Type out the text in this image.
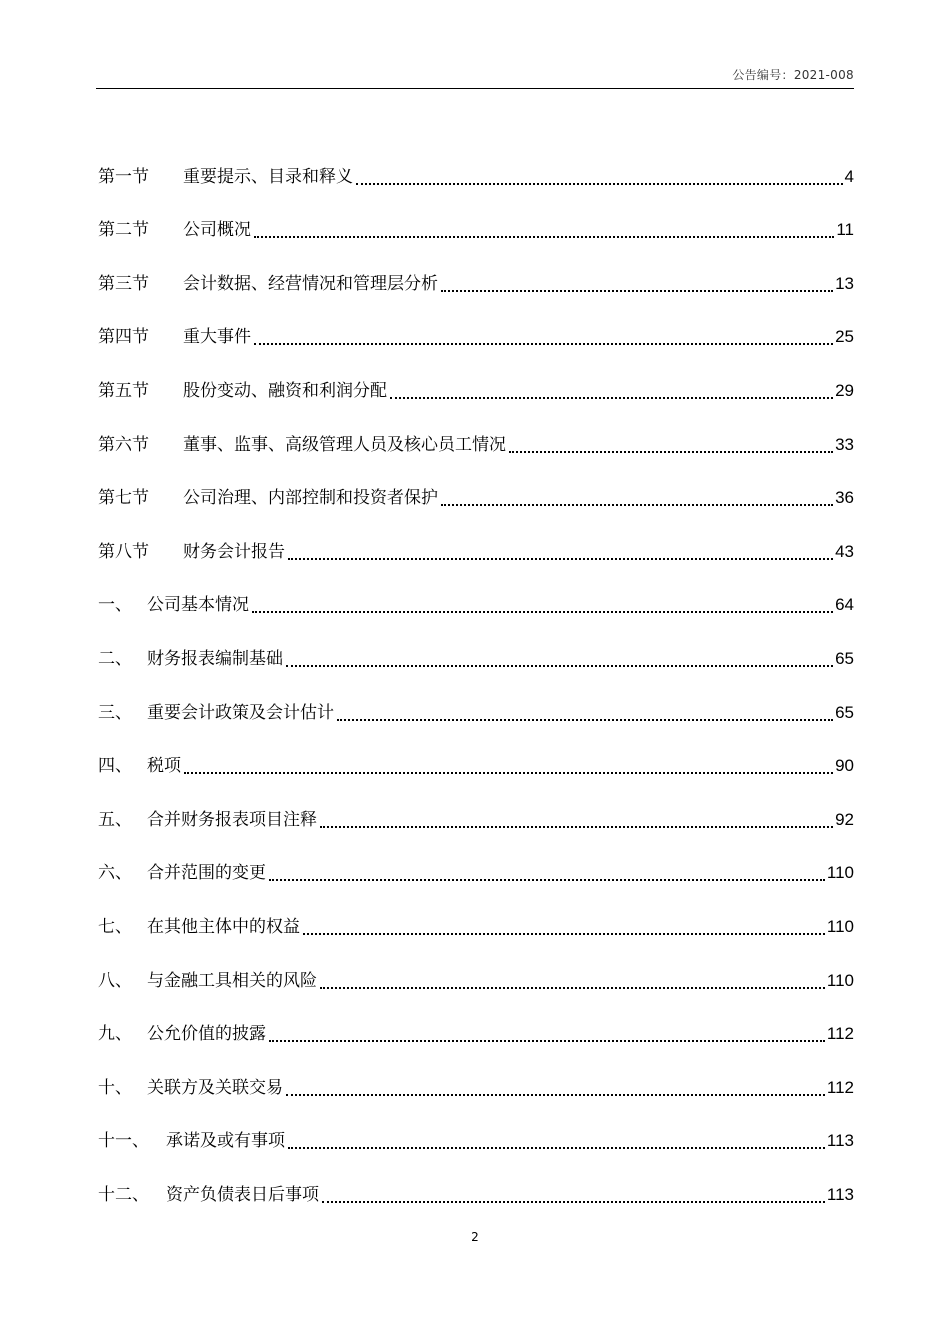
公告编号：2021-008
第一节	重要提示、目录和释义	4
第二节	公司概况	11
第三节	会计数据、经营情况和管理层分析	13
第四节	重大事件	25
第五节	股份变动、融资和利润分配	29
第六节	董事、监事、高级管理人员及核心员工情况	33
第七节	公司治理、内部控制和投资者保护	36
第八节	财务会计报告	43
一、 公司基本情况	64
二、 财务报表编制基础	65
三、 重要会计政策及会计估计	65
四、 税项	90
五、 合并财务报表项目注释	92
六、 合并范围的变更	110
七、 在其他主体中的权益	110
八、 与金融工具相关的风险	110
九、 公允价值的披露	112
十、 关联方及关联交易	112
十一、	承诺及或有事项	113
十二、	资产负债表日后事项	113
2
